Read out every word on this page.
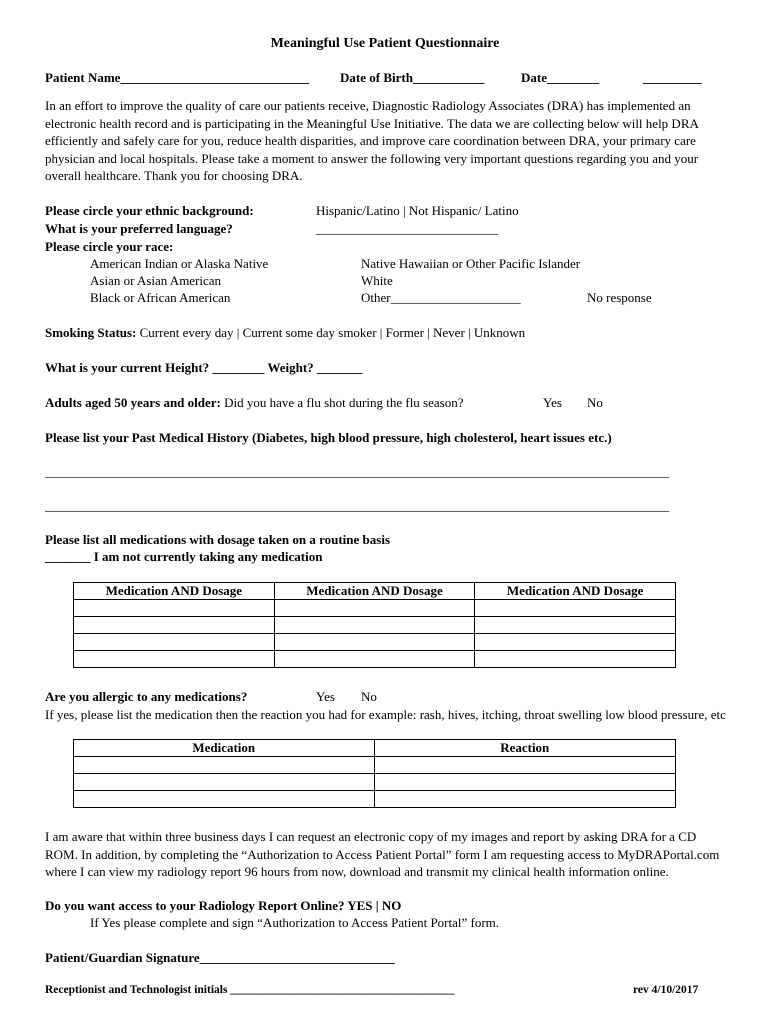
Meaningful Use Patient Questionnaire
Patient Name_____________________________ Date of Birth___________	Date________	_________
In an effort to improve the quality of care our patients receive, Diagnostic Radiology Associates (DRA) has implemented an electronic health record and is participating in the Meaningful Use Initiative. The data we are collecting below will help DRA efficiently and safely care for you, reduce health disparities, and improve care coordination between DRA, your primary care physician and local hospitals. Please take a moment to answer the following very important questions regarding you and your overall healthcare. Thank you for choosing DRA.
Please circle your ethnic background:	Hispanic/Latino | Not Hispanic/ Latino
What is your preferred language?	____________________________
Please circle your race:
American Indian or Alaska Native
Asian or Asian American
Black or African American
Native Hawaiian or Other Pacific Islander
White
Other____________________	No response
Smoking Status: Current every day | Current some day smoker | Former | Never | Unknown
What is your current Height? ________ Weight? _______
Adults aged 50 years and older: Did you have a flu shot during the flu season?	Yes No
Please list your Past Medical History (Diabetes, high blood pressure, high cholesterol, heart issues etc.)
________________________________________________________________________________________________
________________________________________________________________________________________________
Please list all medications with dosage taken on a routine basis
_______ I am not currently taking any medication
Medication AND Dosage	Medication AND Dosage	Medication AND Dosage

Are you allergic to any medications?	Yes No
If yes, please list the medication then the reaction you had for example: rash, hives, itching, throat swelling low blood pressure, etc
Medication	Reaction

I am aware that within three business days I can request an electronic copy of my images and report by asking DRA for a CD ROM. In addition, by completing the “Authorization to Access Patient Portal” form I am requesting access to MyDRAPortal.com where I can view my radiology report 96 hours from now, download and transmit my clinical health information online.
Do you want access to your Radiology Report Online? YES | NO
If Yes please complete and sign “Authorization to Access Patient Portal” form.
Patient/Guardian Signature______________________________
Receptionist and Technologist initials _______________________________________	rev 4/10/2017
